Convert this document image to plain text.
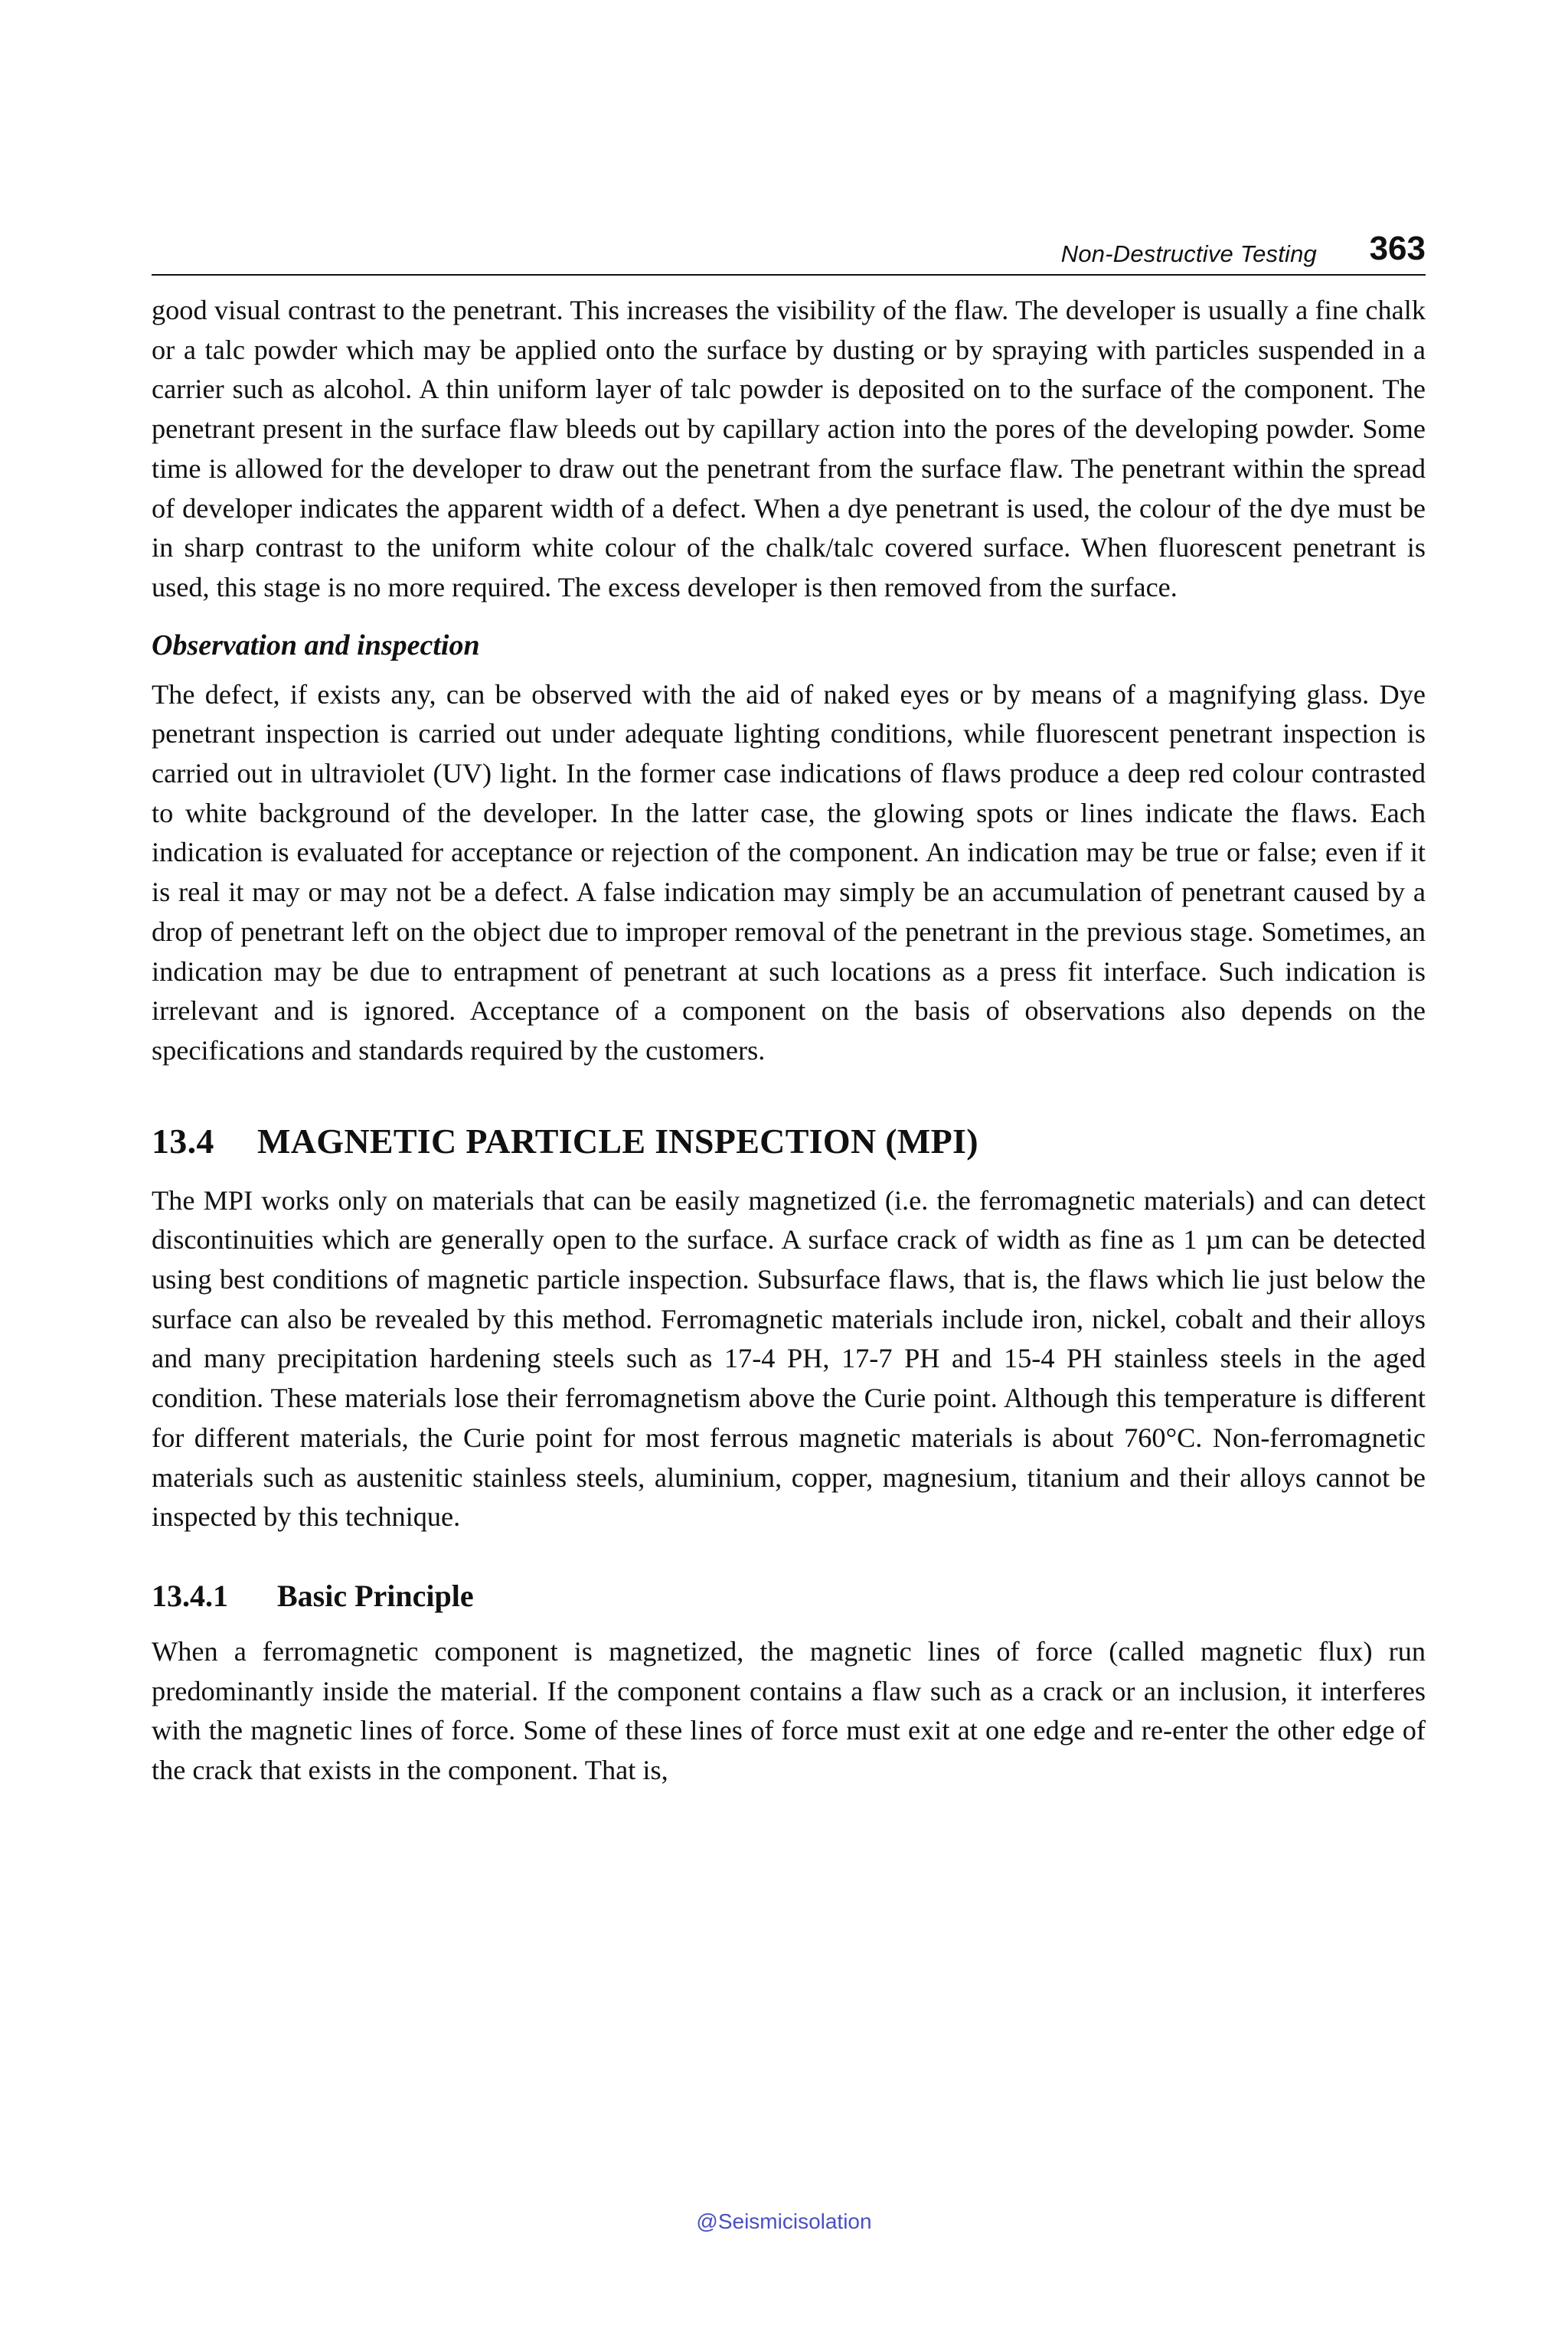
Non-Destructive Testing 363

good visual contrast to the penetrant. This increases the visibility of the flaw. The developer is usually a fine chalk or a talc powder which may be applied onto the surface by dusting or by spraying with particles suspended in a carrier such as alcohol. A thin uniform layer of talc powder is deposited on to the surface of the component. The penetrant present in the surface flaw bleeds out by capillary action into the pores of the developing powder. Some time is allowed for the developer to draw out the penetrant from the surface flaw. The penetrant within the spread of developer indicates the apparent width of a defect. When a dye penetrant is used, the colour of the dye must be in sharp contrast to the uniform white colour of the chalk/talc covered surface. When fluorescent penetrant is used, this stage is no more required. The excess developer is then removed from the surface.

Observation and inspection

The defect, if exists any, can be observed with the aid of naked eyes or by means of a magnifying glass. Dye penetrant inspection is carried out under adequate lighting conditions, while fluorescent penetrant inspection is carried out in ultraviolet (UV) light. In the former case indications of flaws produce a deep red colour contrasted to white background of the developer. In the latter case, the glowing spots or lines indicate the flaws. Each indication is evaluated for acceptance or rejection of the component. An indication may be true or false; even if it is real it may or may not be a defect. A false indication may simply be an accumulation of penetrant caused by a drop of penetrant left on the object due to improper removal of the penetrant in the previous stage. Sometimes, an indication may be due to entrapment of penetrant at such locations as a press fit interface. Such indication is irrelevant and is ignored. Acceptance of a component on the basis of observations also depends on the specifications and standards required by the customers.

13.4 MAGNETIC PARTICLE INSPECTION (MPI)

The MPI works only on materials that can be easily magnetized (i.e. the ferromagnetic materials) and can detect discontinuities which are generally open to the surface. A surface crack of width as fine as 1 µm can be detected using best conditions of magnetic particle inspection. Subsurface flaws, that is, the flaws which lie just below the surface can also be revealed by this method. Ferromagnetic materials include iron, nickel, cobalt and their alloys and many precipitation hardening steels such as 17-4 PH, 17-7 PH and 15-4 PH stainless steels in the aged condition. These materials lose their ferromagnetism above the Curie point. Although this temperature is different for different materials, the Curie point for most ferrous magnetic materials is about 760°C. Non-ferromagnetic materials such as austenitic stainless steels, aluminium, copper, magnesium, titanium and their alloys cannot be inspected by this technique.

13.4.1 Basic Principle

When a ferromagnetic component is magnetized, the magnetic lines of force (called magnetic flux) run predominantly inside the material. If the component contains a flaw such as a crack or an inclusion, it interferes with the magnetic lines of force. Some of these lines of force must exit at one edge and re-enter the other edge of the crack that exists in the component. That is,

@Seismicisolation
